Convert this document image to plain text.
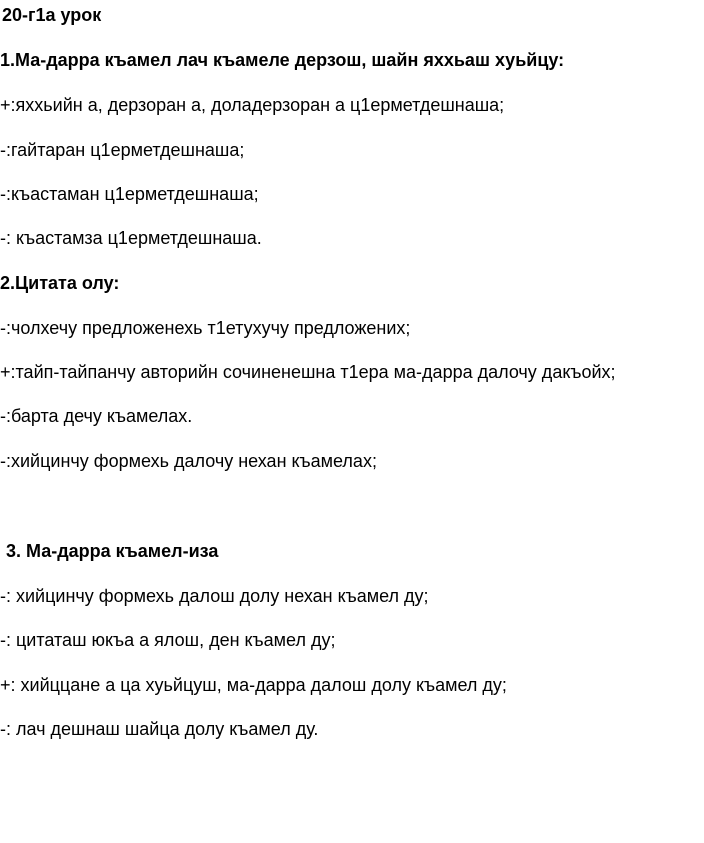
20-г1а урок
1.Ма-дарра къамел лач къамеле дерзош, шайн яххьаш хуьйцу:
+:яххьийн а, дерзоран а, доладерзоран а ц1ерметдешнаша;
-:гайтаран ц1ерметдешнаша;
-:къастаман ц1ерметдешнаша;
-: къастамза ц1ерметдешнаша.
2.Цитата олу:
-:чолхечу предложенехь т1етухучу предложених;
+:тайп-тайпанчу авторийн сочиненешна т1ера ма-дарра далочу дакъойх;
-:барта дечу къамелах.
-:хийцинчу формехь далочу нехан къамелах;
3. Ма-дарра къамел-иза
-: хийцинчу формехь далош долу нехан къамел ду;
-: цитаташ юкъа а ялош, ден къамел ду;
+: хийццане а ца хуьйцуш, ма-дарра далош долу къамел ду;
-: лач дешнаш шайца долу къамел ду.
